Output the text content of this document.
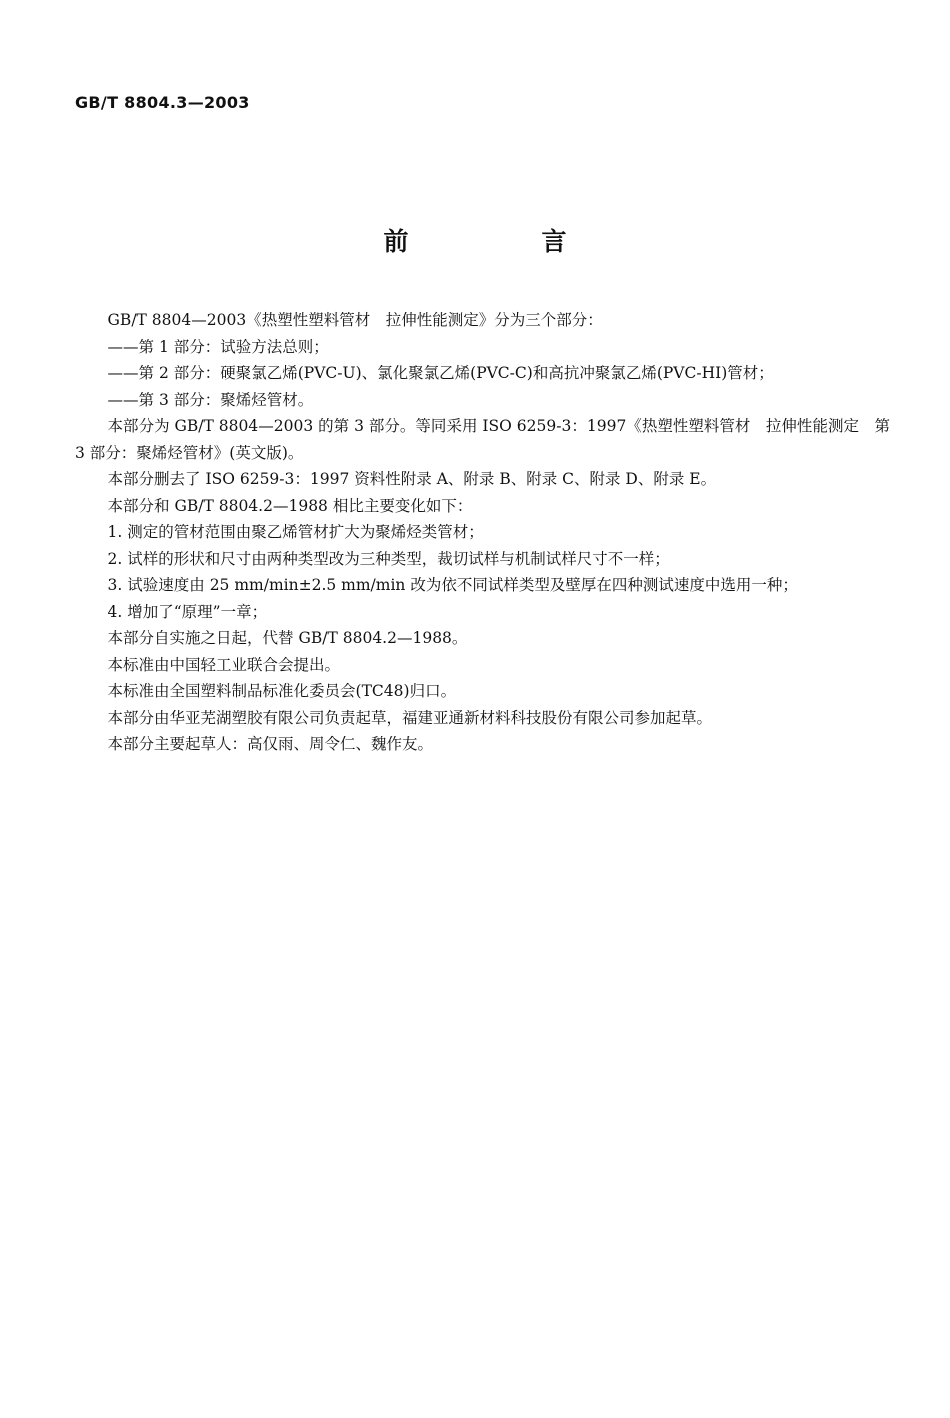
GB/T 8804.3—2003
前　言

GB/T 8804—2003《热塑性塑料管材　拉伸性能测定》分为三个部分：

——第 1 部分：试验方法总则；

——第 2 部分：硬聚氯乙烯(PVC-U)、氯化聚氯乙烯(PVC-C)和高抗冲聚氯乙烯(PVC-HI)管材；

——第 3 部分：聚烯烃管材。

本部分为 GB/T 8804—2003 的第 3 部分。等同采用 ISO 6259-3：1997《热塑性塑料管材　拉伸性能测定　第 3 部分：聚烯烃管材》(英文版)。

本部分删去了 ISO 6259-3：1997 资料性附录 A、附录 B、附录 C、附录 D、附录 E。

本部分和 GB/T 8804.2—1988 相比主要变化如下：

1. 测定的管材范围由聚乙烯管材扩大为聚烯烃类管材；

2. 试样的形状和尺寸由两种类型改为三种类型，裁切试样与机制试样尺寸不一样；

3. 试验速度由 25 mm/min±2.5 mm/min 改为依不同试样类型及壁厚在四种测试速度中选用一种；

4. 增加了“原理”一章；

本部分自实施之日起，代替 GB/T 8804.2—1988。

本标准由中国轻工业联合会提出。

本标准由全国塑料制品标准化委员会(TC48)归口。

本部分由华亚芜湖塑胶有限公司负责起草，福建亚通新材料科技股份有限公司参加起草。

本部分主要起草人：高仅雨、周令仁、魏作友。
